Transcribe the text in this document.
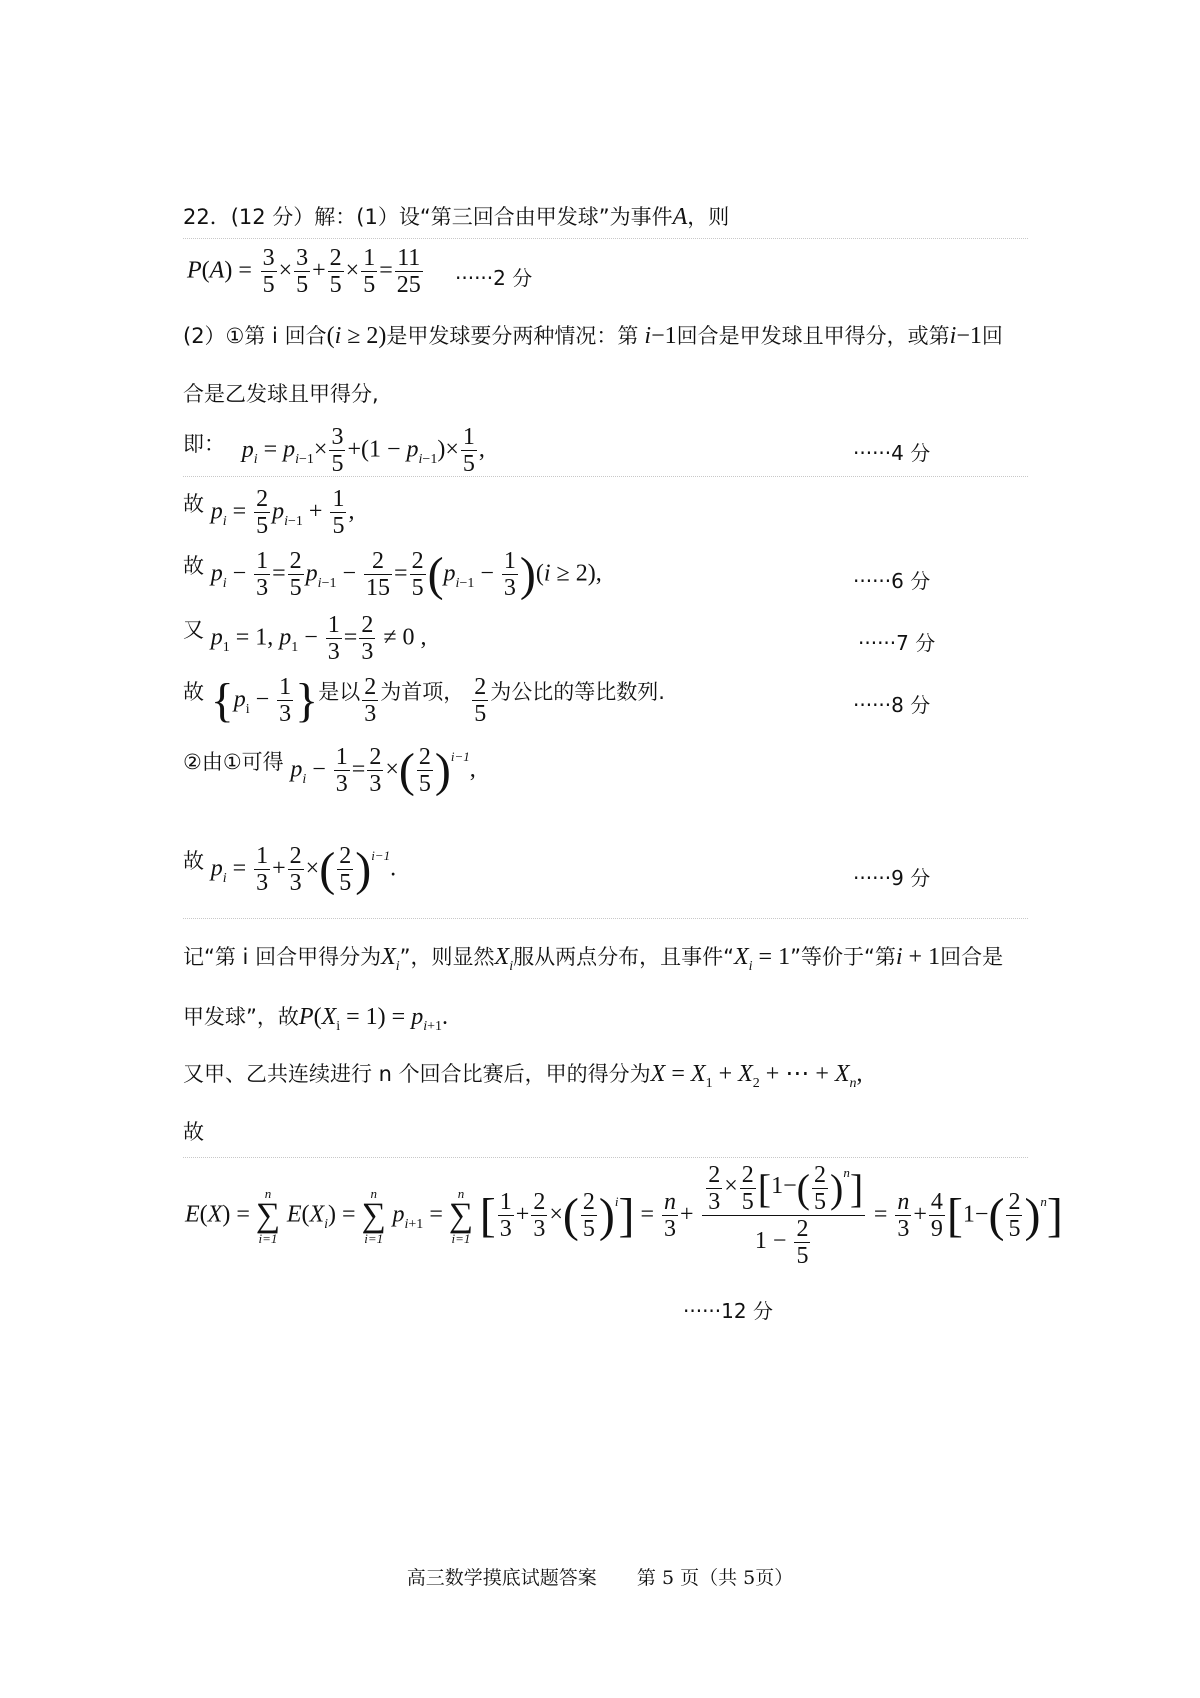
22．(12 分）解：(1）设“第三回合由甲发球”为事件A，则
$P(A) = \frac{3}{5} \times \frac{3}{5} + \frac{2}{5} \times \frac{1}{5} = \frac{11}{25} \cdot\cdot\cdot\cdot\cdot\cdot 2$ 分
(2）①第 i 回合(i ≥ 2)是甲发球要分两种情况：第 i−1回合是甲发球且甲得分，或第i−1回
合是乙发球且甲得分,
即： $p_i = p_{i-1}\times \frac{3}{5} +(1 - p_{i-1})\times \frac{1}{5}$ ,	······4 分
故 $p_i = \frac{2}{5} p_{i-1} + \frac{1}{5}$ ,
故 $p_i - \frac{1}{3} = \frac{2}{5} p_{i-1} - \frac{2}{15} = \frac{2}{5} (p_{i-1} - \frac{1}{3} )(i \ge 2)$,	······6 分
又 $p_1 = 1$, $p_1 - \frac{1}{3} = \frac{2}{3} \ne 0$ ,	······7 分
故 {$p_i - \frac{1}{3}$ }是以 $\frac{2}{3}$ 为首项， $\frac{2}{5}$ 为公比的等比数列.
······8 分
②由①可得 $p_i - \frac{1}{3} = \frac{2}{3}$ ×( $\frac{2}{5} )^{i-1}$,
故 $p_i = \frac{1}{3} + \frac{2}{3}$ ×( $\frac{2}{5} )^{i-1}$.	······9 分
记“第 i 回合甲得分为$X_i$”，则显然$X_i$服从两点分布，且事件“$X_i = 1$”等价于“第i + 1回合是
甲发球”，故$P(X_i = 1) = p_{i+1}$.
又甲、乙共连续进行 n 个回合比赛后，甲的得分为$X = X_1 + X_2$ + ⋯ + $X_n$,
故
E(X) =
n
∑
i=1
$E(X_i)$ =
n
∑
i=1
$p_{i+1}$ =
n
∑
i=1 [ $\frac{1}{3} + \frac{2}{3}$ ×( $\frac{2}{5} )^i] = \frac{n}{3} + \frac{\frac{2}{3} \times \frac{2}{5} [1-( \frac{2}{5} )^n]}{1 - \frac{2}{5}} = \frac{n}{3} + \frac{4}{9} [1-( \frac{2}{5} )^n]$
······12 分
高三数学摸底试题答案 第 5 页（共 5页）
